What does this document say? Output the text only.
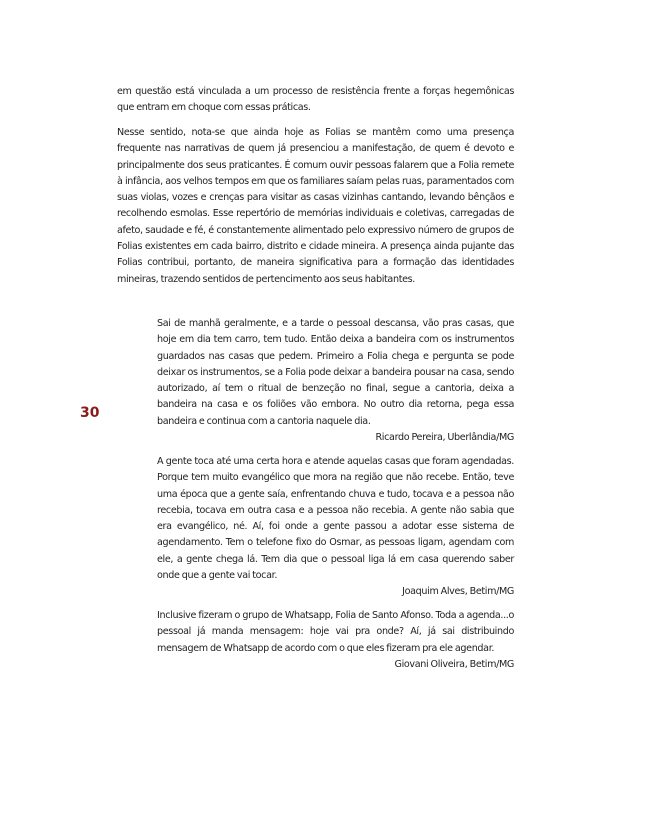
em questão está vinculada a um processo de resistência frente a forças hegemônicas que entram em choque com essas práticas.

Nesse sentido, nota-se que ainda hoje as Folias se mantêm como uma presença frequente nas narrativas de quem já presenciou a manifestação, de quem é devoto e principalmente dos seus praticantes. É comum ouvir pessoas falarem que a Folia remete à infância, aos velhos tempos em que os familiares saíam pelas ruas, paramentados com suas violas, vozes e crenças para visitar as casas vizinhas cantando, levando bênçãos e recolhendo esmolas. Esse repertório de memórias individuais e coletivas, carregadas de afeto, saudade e fé, é constantemente alimentado pelo expressivo número de grupos de Folias existentes em cada bairro, distrito e cidade mineira. A presença ainda pujante das Folias contribui, portanto, de maneira significativa para a formação das identidades mineiras, trazendo sentidos de pertencimento aos seus habitantes.

30

Sai de manhã geralmente, e a tarde o pessoal descansa, vão pras casas, que hoje em dia tem carro, tem tudo. Então deixa a bandeira com os instrumentos guardados nas casas que pedem. Primeiro a Folia chega e pergunta se pode deixar os instrumentos, se a Folia pode deixar a bandeira pousar na casa, sendo autorizado, aí tem o ritual de benzeção no final, segue a cantoria, deixa a bandeira na casa e os foliões vão embora. No outro dia retorna, pega essa bandeira e continua com a cantoria naquele dia.
Ricardo Pereira, Uberlândia/MG
A gente toca até uma certa hora e atende aquelas casas que foram agendadas. Porque tem muito evangélico que mora na região que não recebe. Então, teve uma época que a gente saía, enfrentando chuva e tudo, tocava e a pessoa não recebia, tocava em outra casa e a pessoa não recebia. A gente não sabia que era evangélico, né. Aí, foi onde a gente passou a adotar esse sistema de agendamento. Tem o telefone fixo do Osmar, as pessoas ligam, agendam com ele, a gente chega lá. Tem dia que o pessoal liga lá em casa querendo saber onde que a gente vai tocar.
Joaquim Alves, Betim/MG
Inclusive fizeram o grupo de Whatsapp, Folia de Santo Afonso. Toda a agenda...o pessoal já manda mensagem: hoje vai pra onde? Aí, já sai distribuindo mensagem de Whatsapp de acordo com o que eles fizeram pra ele agendar.
Giovani Oliveira, Betim/MG
